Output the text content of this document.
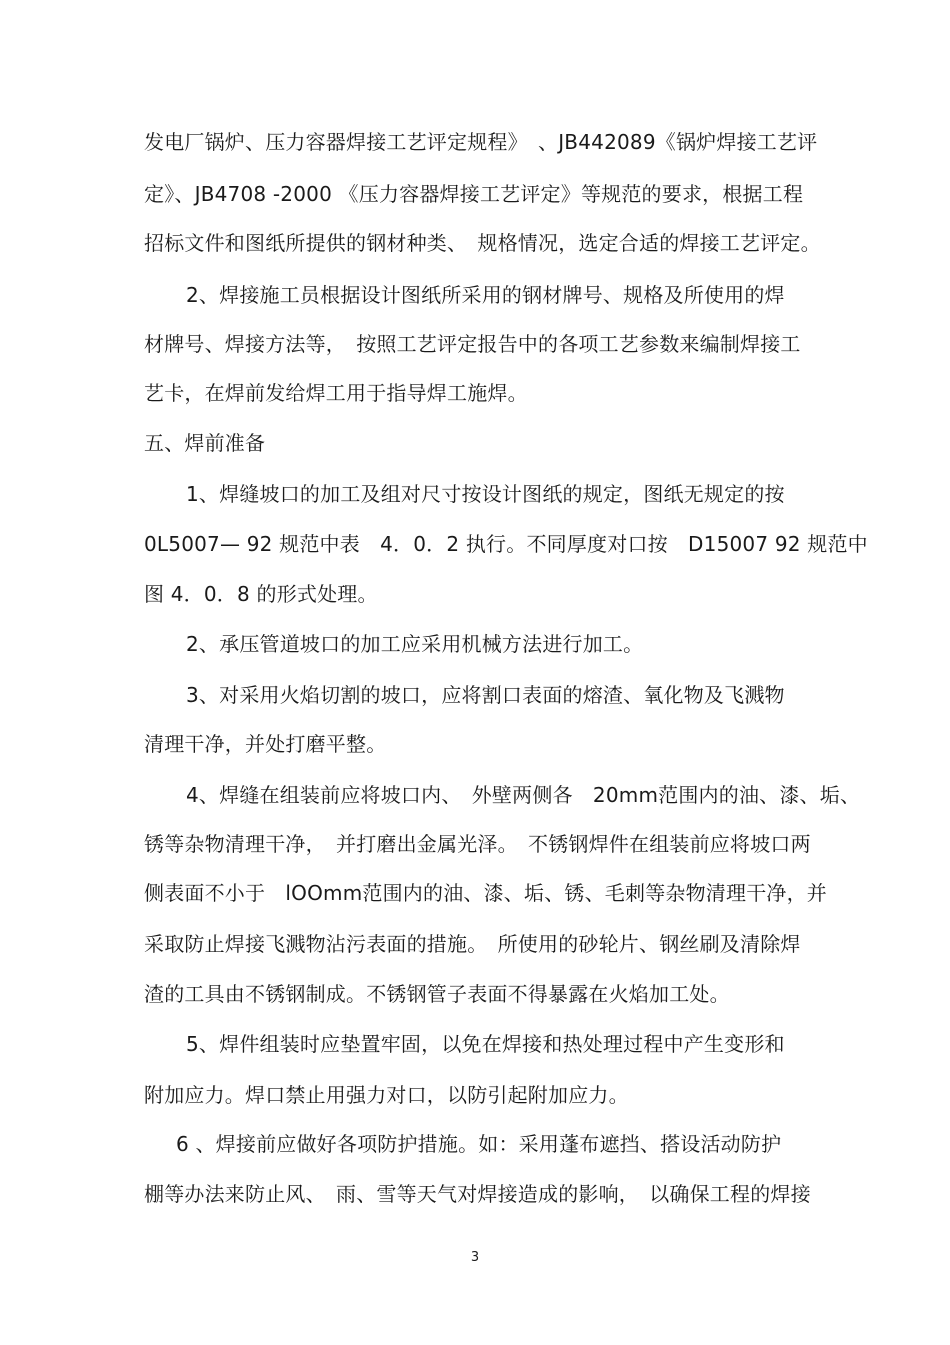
发电厂锅炉、压力容器焊接工艺评定规程》　、JB442089《锅炉焊接工艺评
定》、JB4708 -2000 《压力容器焊接工艺评定》等规范的要求，根据工程
招标文件和图纸所提供的钢材种类、　规格情况，选定合适的焊接工艺评定。
2、焊接施工员根据设计图纸所采用的钢材牌号、规格及所使用的焊
材牌号、焊接方法等，　按照工艺评定报告中的各项工艺参数来编制焊接工
艺卡，在焊前发给焊工用于指导焊工施焊。
五、焊前准备
1、焊缝坡口的加工及组对尺寸按设计图纸的规定，图纸无规定的按
0L5007— 92 规范中表　4．0．2 执行。不同厚度对口按　D15007 92 规范中
图 4．0．8 的形式处理。
2、承压管道坡口的加工应采用机械方法进行加工。
3、对采用火焰切割的坡口，应将割口表面的熔渣、氧化物及飞溅物
清理干净，并处打磨平整。
4、焊缝在组装前应将坡口内、　外壁两侧各　20mm范围内的油、漆、垢、
锈等杂物清理干净，　并打磨出金属光泽。　不锈钢焊件在组装前应将坡口两
侧表面不小于　lOOmm范围内的油、漆、垢、锈、毛刺等杂物清理干净，并
采取防止焊接飞溅物沾污表面的措施。　所使用的砂轮片、钢丝刷及清除焊
渣的工具由不锈钢制成。不锈钢管子表面不得暴露在火焰加工处。
5、焊件组装时应垫置牢固，以免在焊接和热处理过程中产生变形和
附加应力。焊口禁止用强力对口，以防引起附加应力。
6 、焊接前应做好各项防护措施。如：采用蓬布遮挡、搭设活动防护
棚等办法来防止风、　雨、雪等天气对焊接造成的影响，　以确保工程的焊接
3
